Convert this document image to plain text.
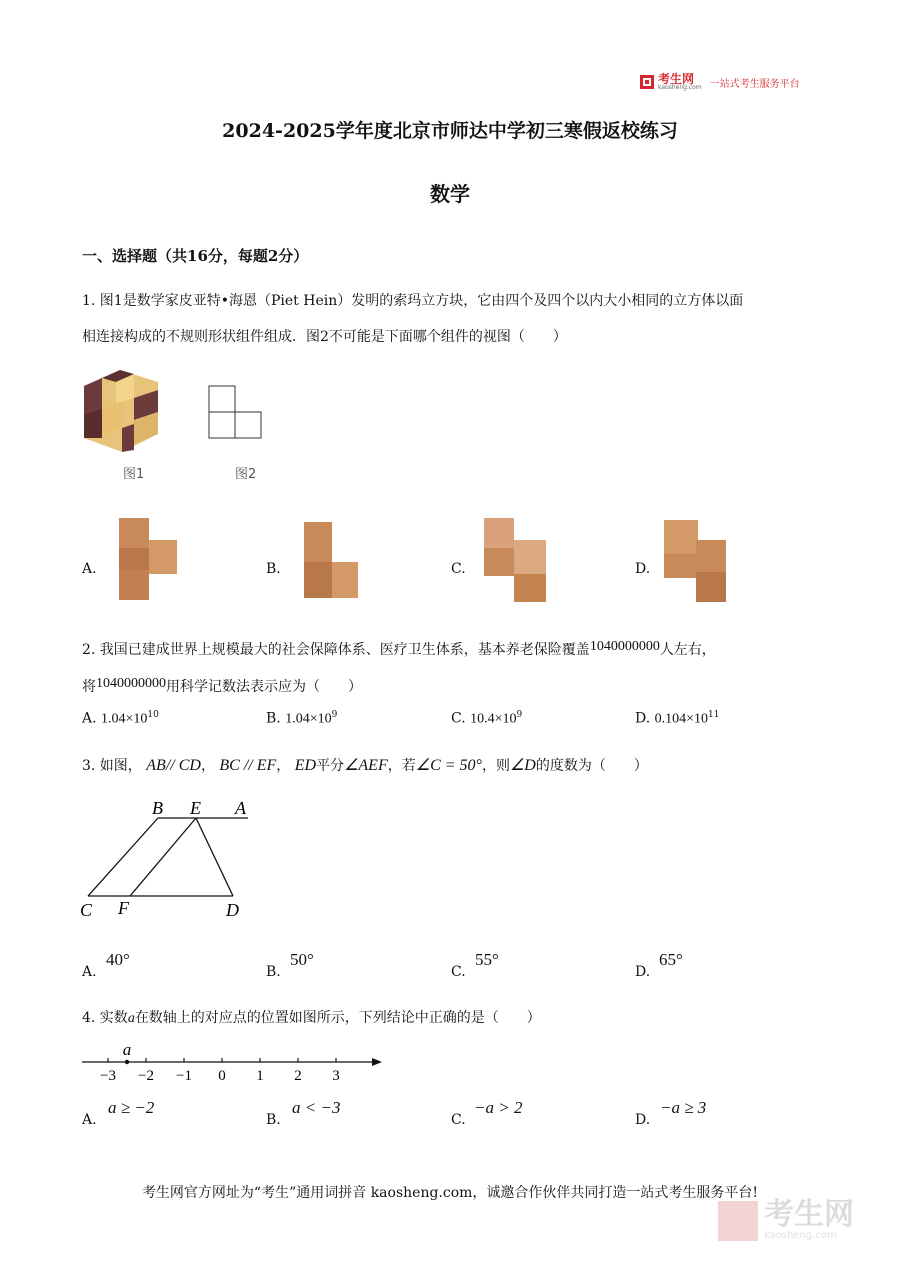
考生网
kaosheng.com 一站式考生服务平台
2024-2025学年度北京市师达中学初三寒假返校练习
数学
一、选择题（共16分，每题2分）
1. 图1是数学家皮亚特•海恩（Piet Hein）发明的索玛立方块，它由四个及四个以内大小相同的立方体以面
相连接构成的不规则形状组件组成．图2不可能是下面哪个组件的视图（　　）
图1	图2
A.	B.	C.	D.
2. 我国已建成世界上规模最大的社会保障体系、医疗卫生体系，基本养老保险覆盖1040000000人左右，
将1040000000用科学记数法表示应为（　　）
A. $1.04\times 10^{10}$	B. $1.04\times 10^9$	C. $10.4\times 10^9$	D. $0.104\times 10^{11}$
3. 如图， AB// CD， BC // EF， ED平分∠AEF，若∠C = 50°，则∠D的度数为（　　）
B E A
C F	D
A.
40°
B.
50°
C.
55°
D.
65°
4. 实数a在数轴上的对应点的位置如图所示，下列结论中正确的是（　　）
−3 −2 −1 0 1 2 3
a
A.
a ≥ −2
B.
a < −3
C.
−a > 2
D.
−a ≥ 3
考生网官方网址为“考生”通用词拼音 kaosheng.com，诚邀合作伙伴共同打造一站式考生服务平台!
考生网
kaosheng.com
